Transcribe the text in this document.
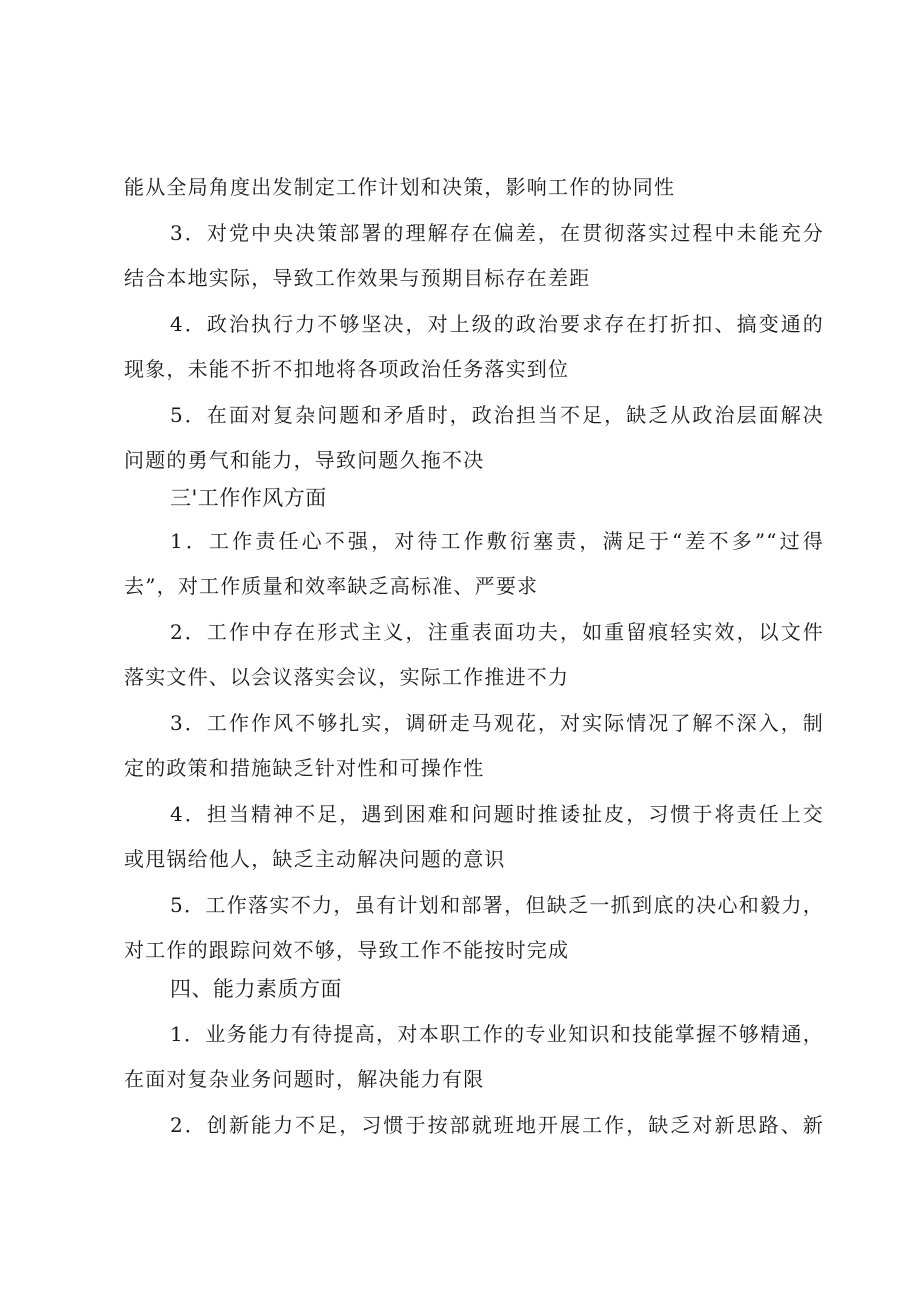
能从全局角度出发制定工作计划和决策，影响工作的协同性
3．对党中央决策部署的理解存在偏差，在贯彻落实过程中未能充分
结合本地实际，导致工作效果与预期目标存在差距
4．政治执行力不够坚决，对上级的政治要求存在打折扣、搞变通的
现象，未能不折不扣地将各项政治任务落实到位
5．在面对复杂问题和矛盾时，政治担当不足，缺乏从政治层面解决
问题的勇气和能力，导致问题久拖不决
三'工作作风方面
1．工作责任心不强，对待工作敷衍塞责，满足于“差不多”“过得
去”，对工作质量和效率缺乏高标准、严要求
2．工作中存在形式主义，注重表面功夫，如重留痕轻实效，以文件
落实文件、以会议落实会议，实际工作推进不力
3．工作作风不够扎实，调研走马观花，对实际情况了解不深入，制
定的政策和措施缺乏针对性和可操作性
4．担当精神不足，遇到困难和问题时推诿扯皮，习惯于将责任上交
或甩锅给他人，缺乏主动解决问题的意识
5．工作落实不力，虽有计划和部署，但缺乏一抓到底的决心和毅力，
对工作的跟踪问效不够，导致工作不能按时完成
四、能力素质方面
1．业务能力有待提高，对本职工作的专业知识和技能掌握不够精通，
在面对复杂业务问题时，解决能力有限
2．创新能力不足，习惯于按部就班地开展工作，缺乏对新思路、新
